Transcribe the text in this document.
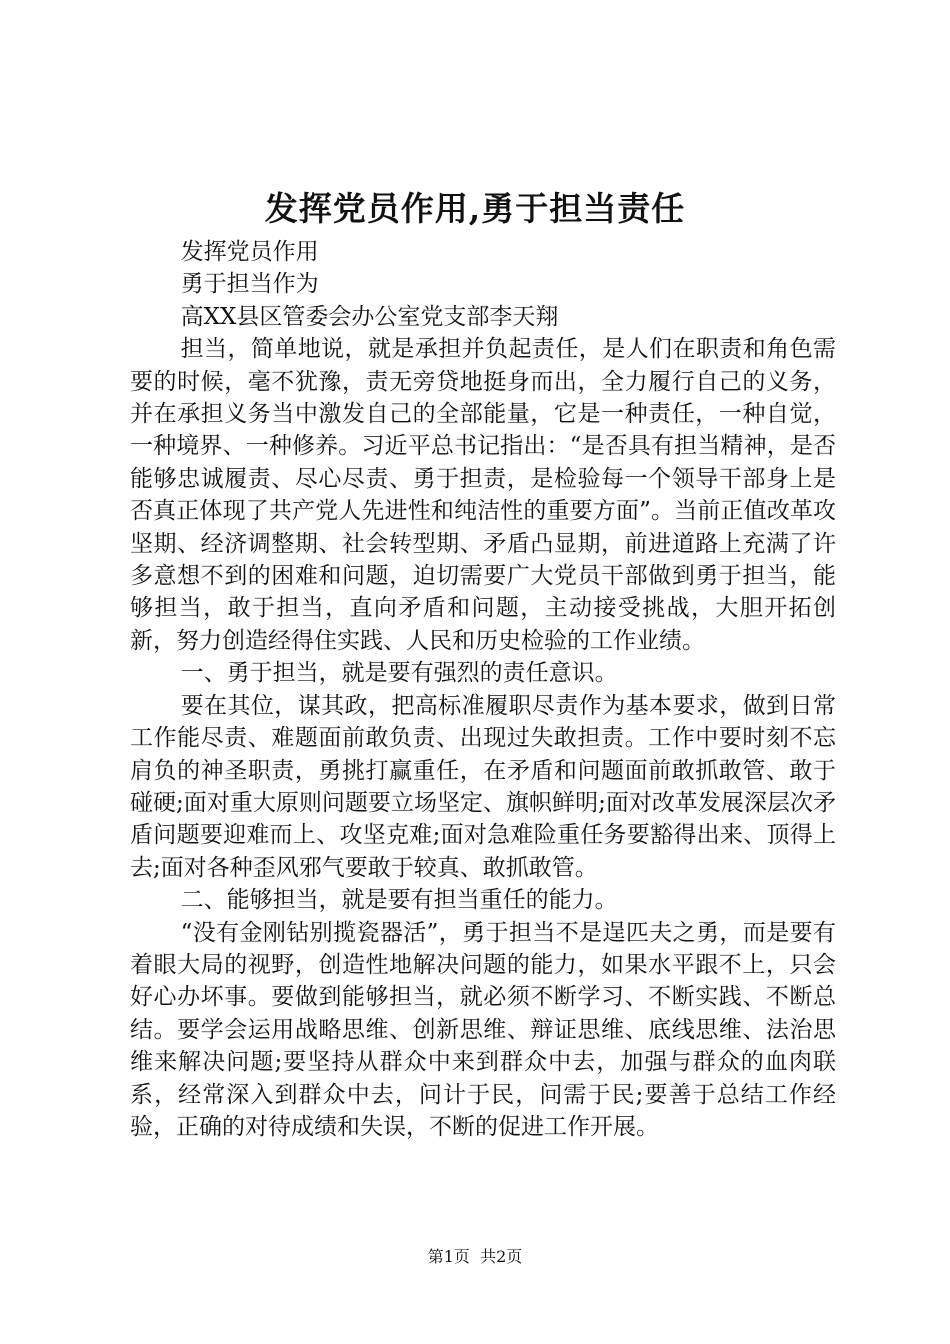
发挥党员作用,勇于担当责任

发挥党员作用

勇于担当作为

高XX县区管委会办公室党支部李天翔

担当，简单地说，就是承担并负起责任，是人们在职责和角色需要的时候，毫不犹豫，责无旁贷地挺身而出，全力履行自己的义务，并在承担义务当中激发自己的全部能量，它是一种责任，一种自觉，一种境界、一种修养。习近平总书记指出：“是否具有担当精神，是否能够忠诚履责、尽心尽责、勇于担责，是检验每一个领导干部身上是否真正体现了共产党人先进性和纯洁性的重要方面”。当前正值改革攻坚期、经济调整期、社会转型期、矛盾凸显期，前进道路上充满了许多意想不到的困难和问题，迫切需要广大党员干部做到勇于担当，能够担当，敢于担当，直向矛盾和问题，主动接受挑战，大胆开拓创新，努力创造经得住实践、人民和历史检验的工作业绩。

一、勇于担当，就是要有强烈的责任意识。

要在其位，谋其政，把高标准履职尽责作为基本要求，做到日常工作能尽责、难题面前敢负责、出现过失敢担责。工作中要时刻不忘肩负的神圣职责，勇挑打赢重任，在矛盾和问题面前敢抓敢管、敢于碰硬;面对重大原则问题要立场坚定、旗帜鲜明;面对改革发展深层次矛盾问题要迎难而上、攻坚克难;面对急难险重任务要豁得出来、顶得上去;面对各种歪风邪气要敢于较真、敢抓敢管。

二、能够担当，就是要有担当重任的能力。

“没有金刚钻别揽瓷器活”，勇于担当不是逞匹夫之勇，而是要有着眼大局的视野，创造性地解决问题的能力，如果水平跟不上，只会好心办坏事。要做到能够担当，就必须不断学习、不断实践、不断总结。要学会运用战略思维、创新思维、辩证思维、底线思维、法治思维来解决问题;要坚持从群众中来到群众中去，加强与群众的血肉联系，经常深入到群众中去，问计于民，问需于民;要善于总结工作经验，正确的对待成绩和失误，不断的促进工作开展。

第1页  共2页
